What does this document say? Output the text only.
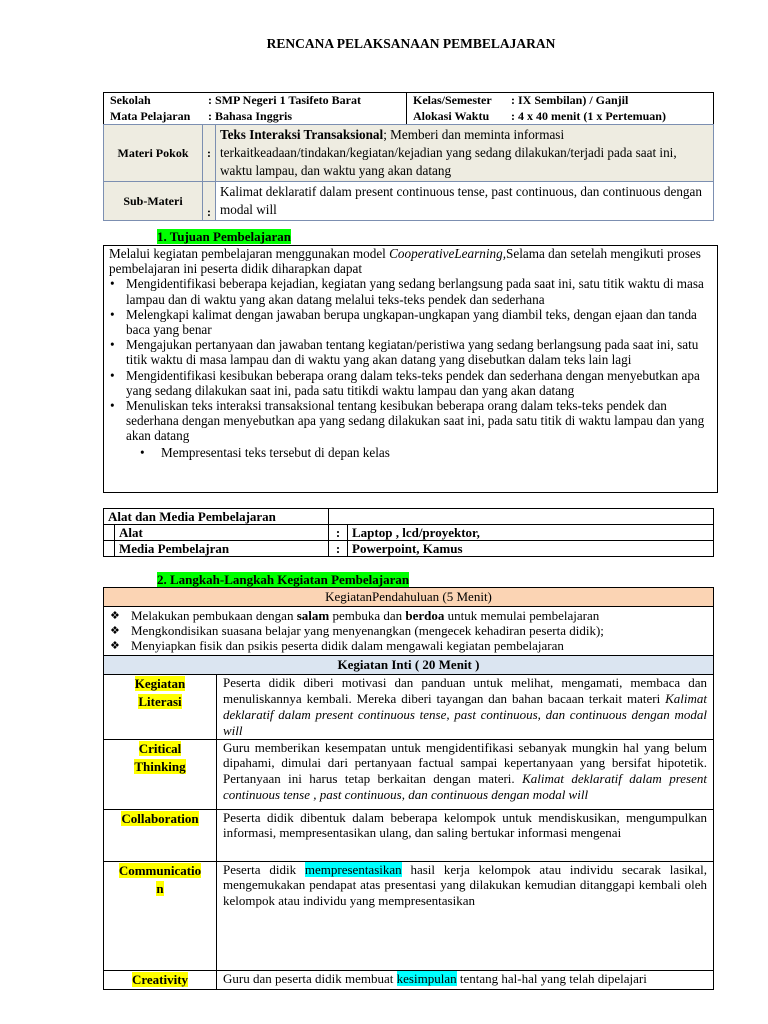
RENCANA PELAKSANAAN PEMBELAJARAN
Sekolah : SMP Negeri 1 Tasifeto Barat	Kelas/Semester : IX Sembilan) / Ganjil
Mata Pelajaran : Bahasa Inggris	Alokasi Waktu : 4 x 40 menit (1 x Pertemuan)
Materi Pokok	:	Teks Interaksi Transaksional; Memberi dan meminta informasi terkaitkeadaan/tindakan/kegiatan/kejadian yang sedang dilakukan/terjadi pada saat ini, waktu lampau, dan waktu yang akan datang
Sub-Materi	:	Kalimat deklaratif dalam present continuous tense, past continuous, dan continuous dengan modal will
1. Tujuan Pembelajaran
Melalui kegiatan pembelajaran menggunakan model CooperativeLearning,Selama dan setelah mengikuti proses pembelajaran ini peserta didik diharapkan dapat
• Mengidentifikasi beberapa kejadian, kegiatan yang sedang berlangsung pada saat ini, satu titik waktu di masa lampau dan di waktu yang akan datang melalui teks-teks pendek dan sederhana
• Melengkapi kalimat dengan jawaban berupa ungkapan-ungkapan yang diambil teks, dengan ejaan dan tanda baca yang benar
• Mengajukan pertanyaan dan jawaban tentang kegiatan/peristiwa yang sedang berlangsung pada saat ini, satu titik waktu di masa lampau dan di waktu yang akan datang yang disebutkan dalam teks lain lagi
• Mengidentifikasi kesibukan beberapa orang dalam teks-teks pendek dan sederhana dengan menyebutkan apa yang sedang dilakukan saat ini, pada satu titikdi waktu lampau dan yang akan datang
• Menuliskan teks interaksi transaksional tentang kesibukan beberapa orang dalam teks-teks pendek dan sederhana dengan menyebutkan apa yang sedang dilakukan saat ini, pada satu titik di waktu lampau dan yang akan datang
• Mempresentasi teks tersebut di depan kelas
Alat dan Media Pembelajaran			
	Alat	:	Laptop , lcd/proyektor,
	Media Pembelajran	:	Powerpoint, Kamus
2. Langkah-Langkah Kegiatan Pembelajaran
KegiatanPendahuluan (5 Menit)	

❖ Melakukan pembukaan dengan salam pembuka dan berdoa untuk memulai pembelajaran
❖ Mengkondisikan suasana belajar yang menyenangkan (mengecek kehadiran peserta didik);
❖ Menyiapkan fisik dan psikis peserta didik dalam mengawali kegiatan pembelajaran

Kegiatan Inti ( 20 Menit )	
Kegiatan
Literasi	Peserta didik diberi motivasi dan panduan untuk melihat, mengamati, membaca dan menuliskannya kembali. Mereka diberi tayangan dan bahan bacaan terkait materi Kalimat deklaratif dalam present continuous tense, past continuous, dan continuous dengan modal will
Critical
Thinking	Guru memberikan kesempatan untuk mengidentifikasi sebanyak mungkin hal yang belum dipahami, dimulai dari pertanyaan factual sampai kepertanyaan yang bersifat hipotetik. Pertanyaan ini harus tetap berkaitan dengan materi. Kalimat deklaratif dalam present continuous tense , past continuous, dan continuous dengan modal will
Collaboration	Peserta didik dibentuk dalam beberapa kelompok untuk mendiskusikan, mengumpulkan informasi, mempresentasikan ulang, dan saling bertukar informasi mengenai
Communicatio
n	Peserta didik mempresentasikan hasil kerja kelompok atau individu secarak lasikal, mengemukakan pendapat atas presentasi yang dilakukan kemudian ditanggapi kembali oleh kelompok atau individu yang mempresentasikan
Creativity	Guru dan peserta didik membuat kesimpulan tentang hal-hal yang telah dipelajari
